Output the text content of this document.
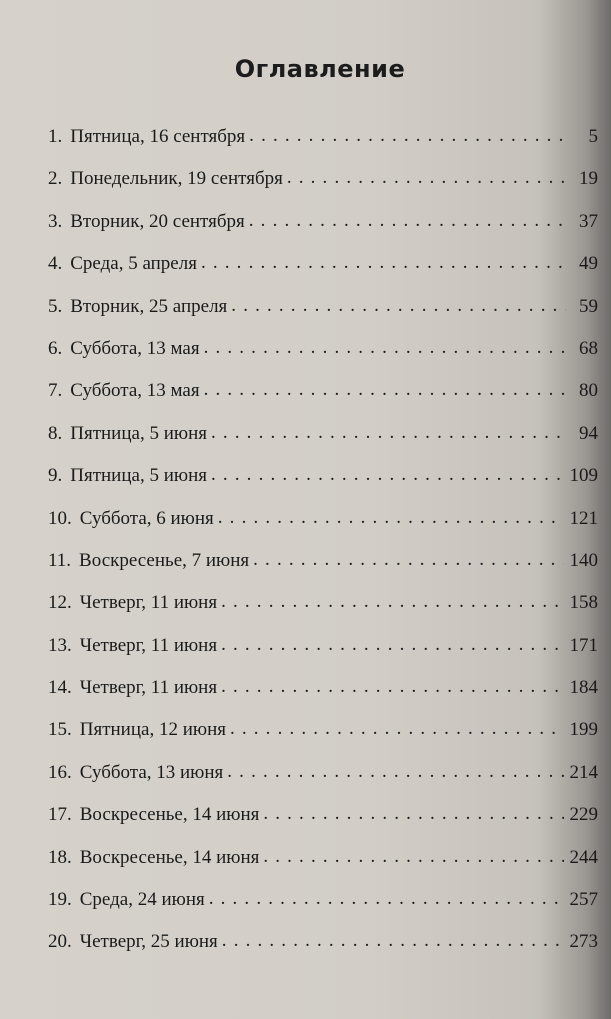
Оглавление
1. Пятница, 16 сентября . . .	5
2. Понедельник, 19 сентября . . .	19
3. Вторник, 20 сентября . . .	37
4. Среда, 5 апреля . . .	49
5. Вторник, 25 апреля . . .	59
6. Суббота, 13 мая . . .	68
7. Суббота, 13 мая . . .	80
8. Пятница, 5 июня . . .	94
9. Пятница, 5 июня . . .	109
10. Суббота, 6 июня . . .	121
11. Воскресенье, 7 июня . . .	140
12. Четверг, 11 июня . . .	158
13. Четверг, 11 июня . . .	171
14. Четверг, 11 июня . . .	184
15. Пятница, 12 июня . . .	199
16. Суббота, 13 июня . . .	214
17. Воскресенье, 14 июня . . .	229
18. Воскресенье, 14 июня . . .	244
19. Среда, 24 июня . . .	257
20. Четверг, 25 июня . . .	273
